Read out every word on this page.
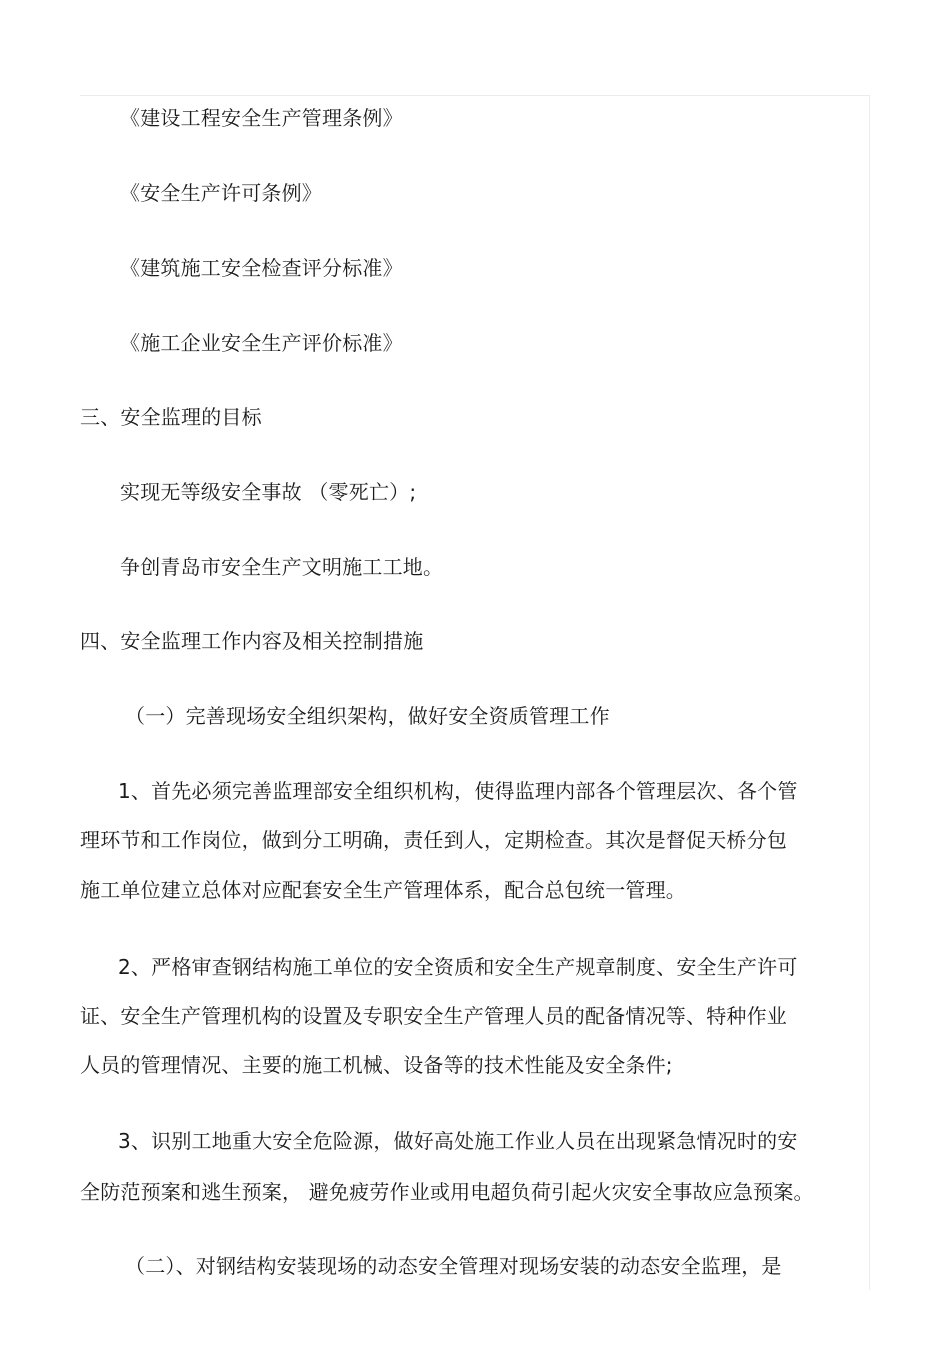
《建设工程安全生产管理条例》
《安全生产许可条例》
《建筑施工安全检查评分标准》
《施工企业安全生产评价标准》
三、安全监理的目标
实现无等级安全事故 （零死亡）;
争创青岛市安全生产文明施工工地。
四、安全监理工作内容及相关控制措施
（一）完善现场安全组织架构，做好安全资质管理工作
1、首先必须完善监理部安全组织机构，使得监理内部各个管理层次、各个管
理环节和工作岗位，做到分工明确，责任到人，定期检查。其次是督促天桥分包
施工单位建立总体对应配套安全生产管理体系，配合总包统一管理。
2、严格审查钢结构施工单位的安全资质和安全生产规章制度、安全生产许可
证、安全生产管理机构的设置及专职安全生产管理人员的配备情况等、特种作业
人员的管理情况、主要的施工机械、设备等的技术性能及安全条件;
3、识别工地重大安全危险源，做好高处施工作业人员在出现紧急情况时的安
全防范预案和逃生预案， 避免疲劳作业或用电超负荷引起火灾安全事故应急预案。
（二）、对钢结构安装现场的动态安全管理对现场安装的动态安全监理，是
